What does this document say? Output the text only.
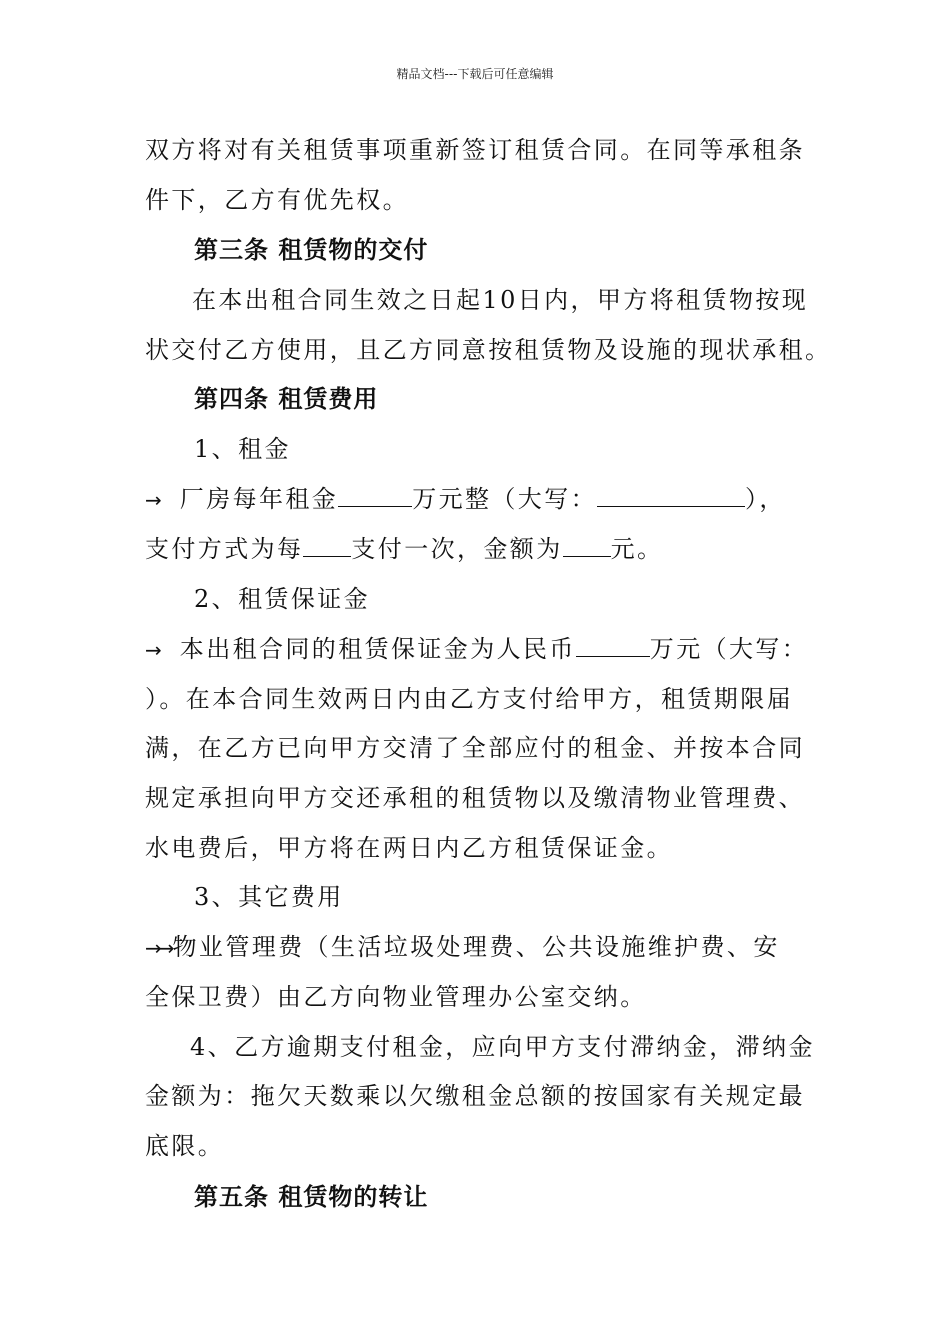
精品文档---下载后可任意编辑
双方将对有关租赁事项重新签订租赁合同。在同等承租条
件下，乙方有优先权。
第三条 租赁物的交付
在本出租合同生效之日起10日内，甲方将租赁物按现
状交付乙方使用，且乙方同意按租赁物及设施的现状承租。
第四条 租赁费用
1、租金
→ 厂房每年租金	万元整（大写：	），
支付方式为每 支付一次，金额为 元。
2、租赁保证金
→ 本出租合同的租赁保证金为人民币	万元（大写：
）。在本合同生效两日内由乙方支付给甲方，租赁期限届
满，在乙方已向甲方交清了全部应付的租金、并按本合同
规定承担向甲方交还承租的租赁物以及缴清物业管理费、
水电费后，甲方将在两日内乙方租赁保证金。
3、其它费用
→→物业管理费（生活垃圾处理费、公共设施维护费、安
全保卫费）由乙方向物业管理办公室交纳。
4、乙方逾期支付租金，应向甲方支付滞纳金，滞纳金
金额为：拖欠天数乘以欠缴租金总额的按国家有关规定最
底限。
第五条 租赁物的转让
